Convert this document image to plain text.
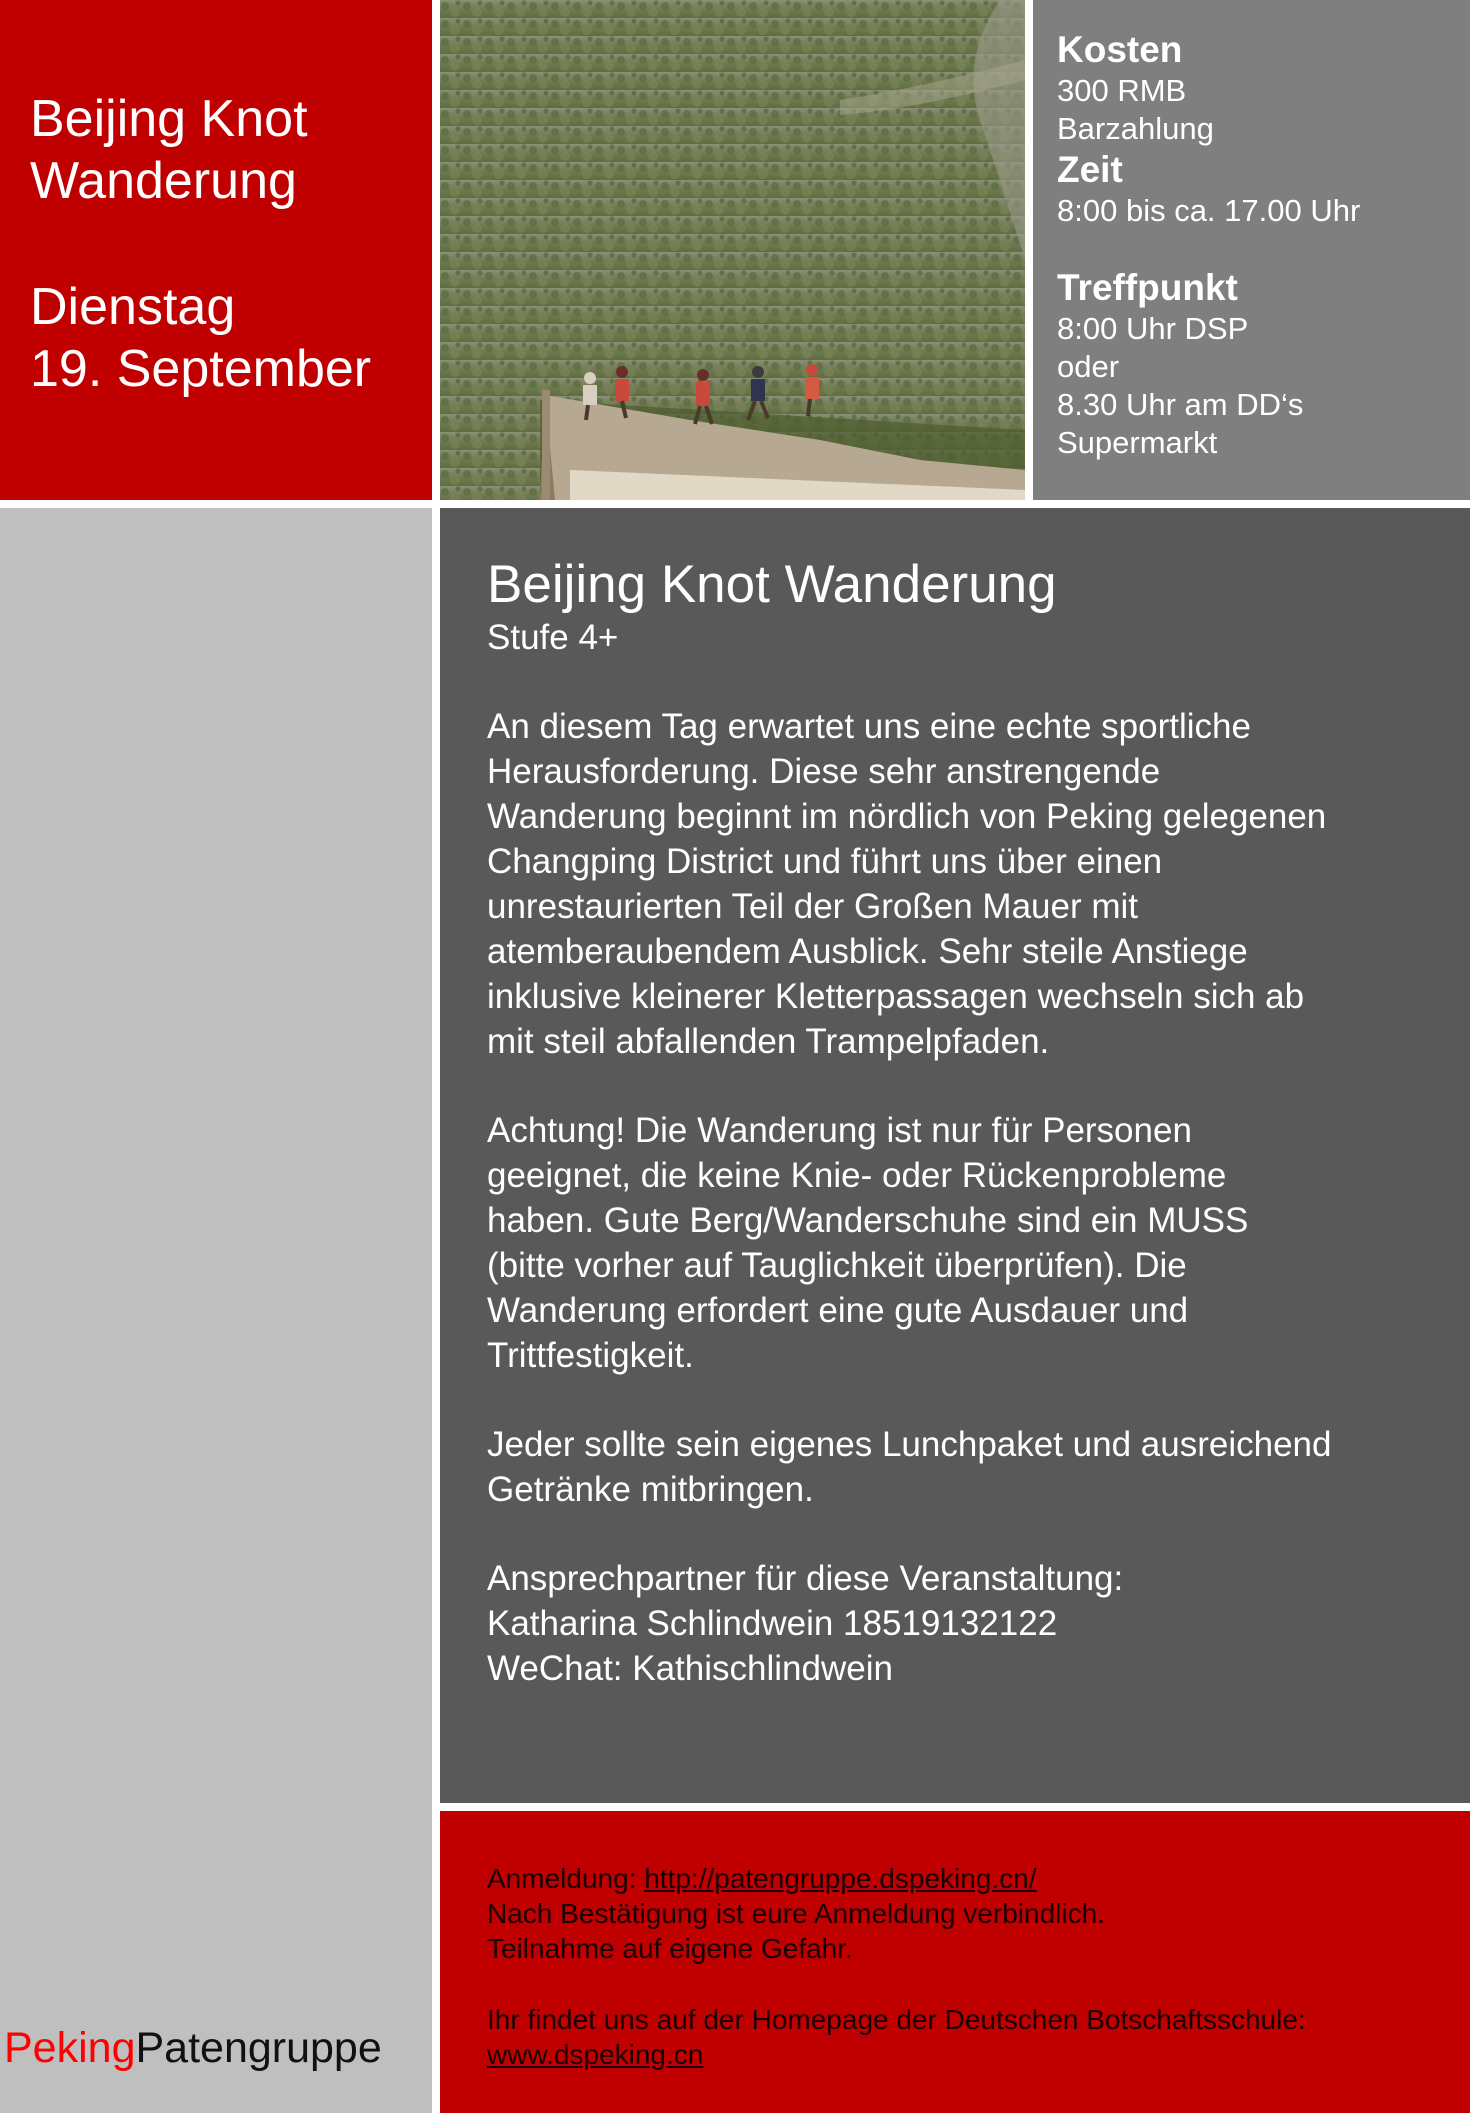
Beijing Knot
Wanderung
Dienstag
19. September
Kosten
300 RMB
Barzahlung
Zeit
8:00 bis ca. 17.00 Uhr
Treffpunkt
8:00 Uhr DSP
oder
8.30 Uhr am DD‘s
Supermarkt
PekingPatengruppe
Beijing Knot Wanderung
Stufe 4+
An diesem Tag erwartet uns eine echte sportliche
Herausforderung. Diese sehr anstrengende
Wanderung beginnt im nördlich von Peking gelegenen
Changping District und führt uns über einen
unrestaurierten Teil der Großen Mauer mit
atemberaubendem Ausblick. Sehr steile Anstiege
inklusive kleinerer Kletterpassagen wechseln sich ab
mit steil abfallenden Trampelpfaden.
Achtung! Die Wanderung ist nur für Personen
geeignet, die keine Knie- oder Rückenprobleme
haben. Gute Berg/Wanderschuhe sind ein MUSS
(bitte vorher auf Tauglichkeit überprüfen). Die
Wanderung erfordert eine gute Ausdauer und
Trittfestigkeit.
Jeder sollte sein eigenes Lunchpaket und ausreichend
Getränke mitbringen.
Ansprechpartner für diese Veranstaltung:
Katharina Schlindwein 18519132122
WeChat: Kathischlindwein
Anmeldung: http://patengruppe.dspeking.cn/
Nach Bestätigung ist eure Anmeldung verbindlich.
Teilnahme auf eigene Gefahr.
Ihr findet uns auf der Homepage der Deutschen Botschaftsschule:
www.dspeking.cn
